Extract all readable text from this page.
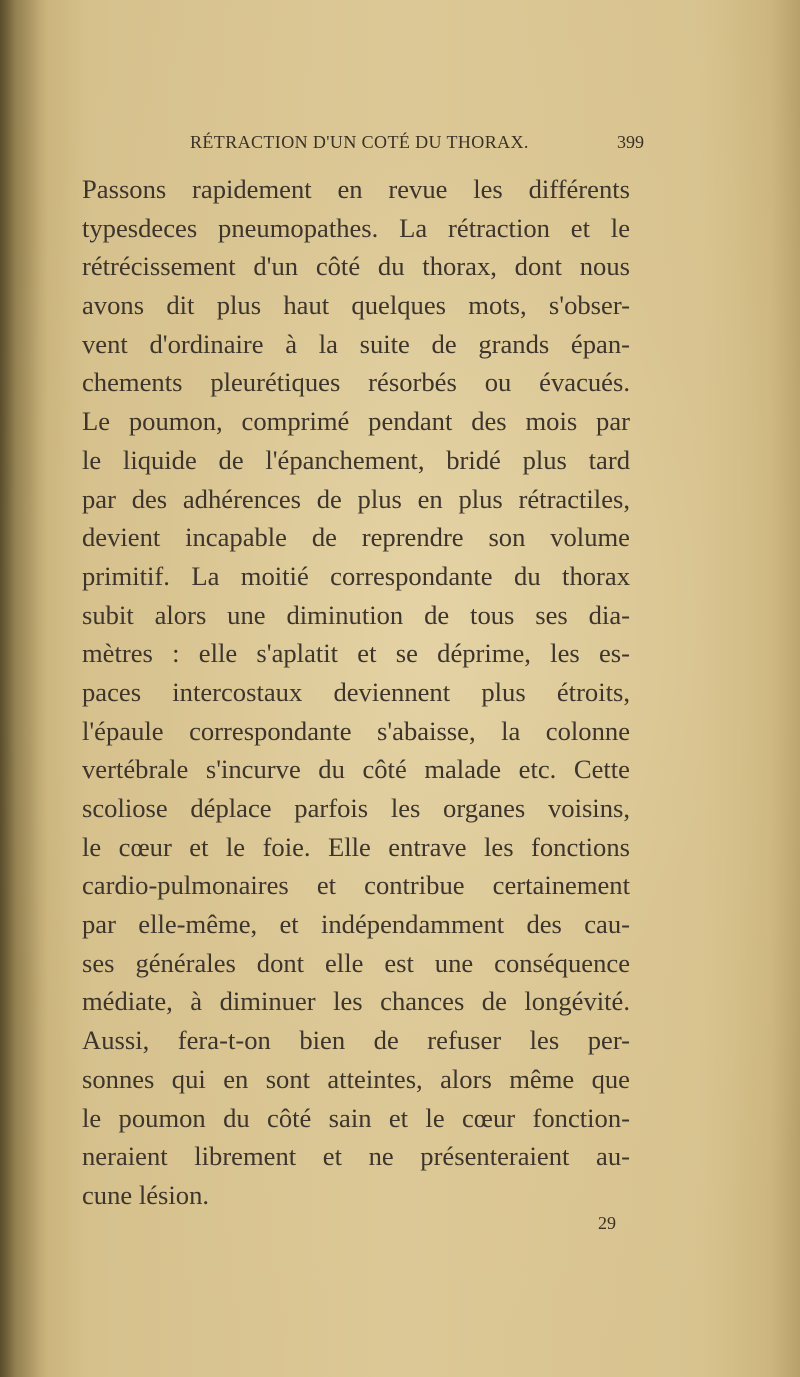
RÉTRACTION D'UN COTÉ DU THORAX.	399
Passons rapidement en revue les différents
typesdeces pneumopathes. La rétraction et le
rétrécissement d'un côté du thorax, dont nous
avons dit plus haut quelques mots, s'obser-
vent d'ordinaire à la suite de grands épan-
chements pleurétiques résorbés ou évacués.
Le poumon, comprimé pendant des mois par
le liquide de l'épanchement, bridé plus tard
par des adhérences de plus en plus rétractiles,
devient incapable de reprendre son volume
primitif. La moitié correspondante du thorax
subit alors une diminution de tous ses dia-
mètres : elle s'aplatit et se déprime, les es-
paces intercostaux deviennent plus étroits,
l'épaule correspondante s'abaisse, la colonne
vertébrale s'incurve du côté malade etc. Cette
scoliose déplace parfois les organes voisins,
le cœur et le foie. Elle entrave les fonctions
cardio-pulmonaires et contribue certainement
par elle-même, et indépendamment des cau-
ses générales dont elle est une conséquence
médiate, à diminuer les chances de longévité.
Aussi, fera-t-on bien de refuser les per-
sonnes qui en sont atteintes, alors même que
le poumon du côté sain et le cœur fonction-
neraient librement et ne présenteraient au-
cune lésion.
29
